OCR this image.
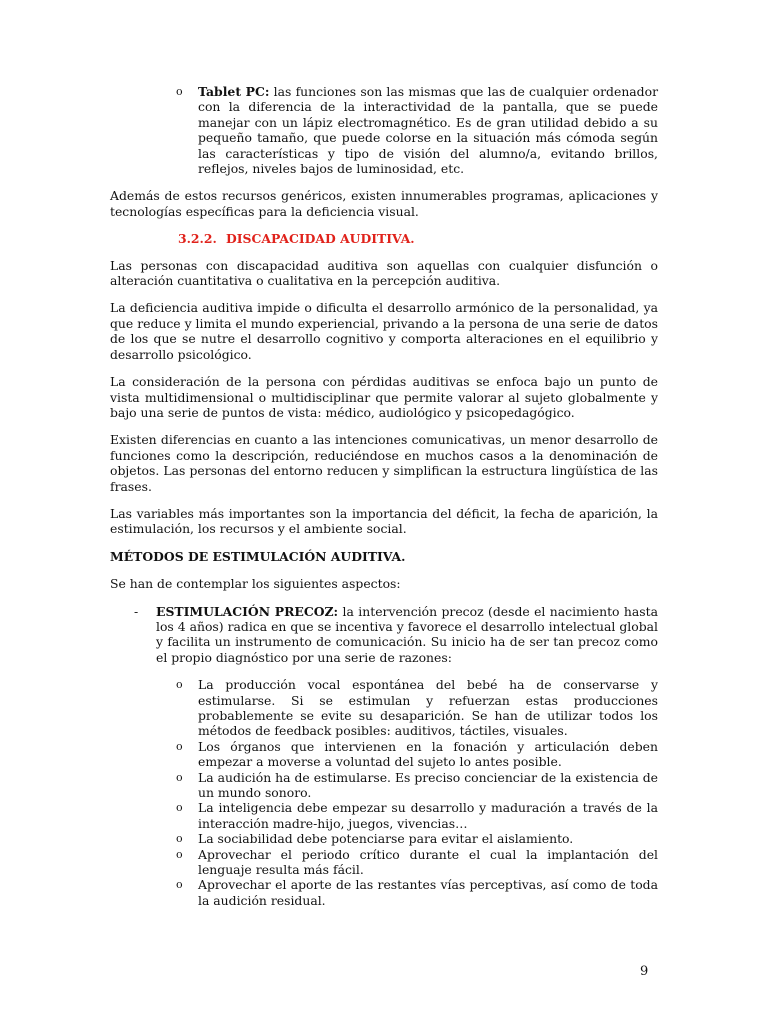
o Tablet PC: las funciones son las mismas que las de cualquier ordenador con la diferencia de la interactividad de la pantalla, que se puede manejar con un lápiz electromagnético. Es de gran utilidad debido a su pequeño tamaño, que puede colorse en la situación más cómoda según las características y tipo de visión del alumno/a, evitando brillos, reflejos, niveles bajos de luminosidad, etc.

Además de estos recursos genéricos, existen innumerables programas, aplicaciones y tecnologías específicas para la deficiencia visual.

3.2.2. DISCAPACIDAD AUDITIVA.

Las personas con discapacidad auditiva son aquellas con cualquier disfunción o alteración cuantitativa o cualitativa en la percepción auditiva.

La deficiencia auditiva impide o dificulta el desarrollo armónico de la personalidad, ya que reduce y limita el mundo experiencial, privando a la persona de una serie de datos de los que se nutre el desarrollo cognitivo y comporta alteraciones en el equilibrio y desarrollo psicológico.

La consideración de la persona con pérdidas auditivas se enfoca bajo un punto de vista multidimensional o multidisciplinar que permite valorar al sujeto globalmente y bajo una serie de puntos de vista: médico, audiológico y psicopedagógico.

Existen diferencias en cuanto a las intenciones comunicativas, un menor desarrollo de funciones como la descripción, reduciéndose en muchos casos a la denominación de objetos. Las personas del entorno reducen y simplifican la estructura lingüística de las frases.

Las variables más importantes son la importancia del déficit, la fecha de aparición, la estimulación, los recursos y el ambiente social.

MÉTODOS DE ESTIMULACIÓN AUDITIVA.

Se han de contemplar los siguientes aspectos:

- ESTIMULACIÓN PRECOZ: la intervención precoz (desde el nacimiento hasta los 4 años) radica en que se incentiva y favorece el desarrollo intelectual global y facilita un instrumento de comunicación. Su inicio ha de ser tan precoz como el propio diagnóstico por una serie de razones:

o La producción vocal espontánea del bebé ha de conservarse y estimularse. Si se estimulan y refuerzan estas producciones probablemente se evite su desaparición. Se han de utilizar todos los métodos de feedback posibles: auditivos, táctiles, visuales.

o Los órganos que intervienen en la fonación y articulación deben empezar a moverse a voluntad del sujeto lo antes posible.

o La audición ha de estimularse. Es preciso concienciar de la existencia de un mundo sonoro.

o La inteligencia debe empezar su desarrollo y maduración a través de la interacción madre-hijo, juegos, vivencias…

o La sociabilidad debe potenciarse para evitar el aislamiento.

o Aprovechar el periodo crítico durante el cual la implantación del lenguaje resulta más fácil.

o Aprovechar el aporte de las restantes vías perceptivas, así como de toda la audición residual.

9
